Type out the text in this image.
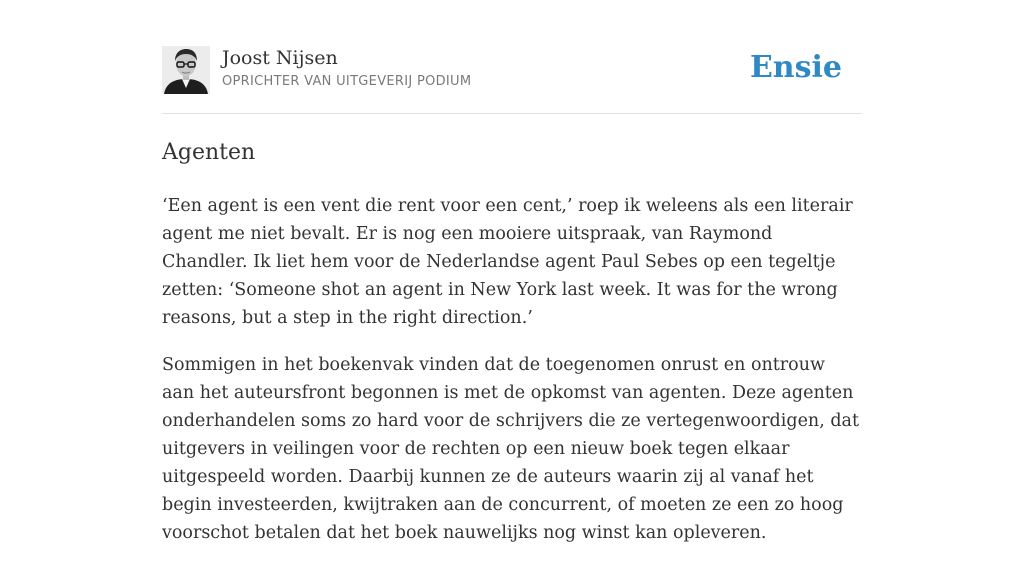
Joost Nijsen
OPRICHTER VAN UITGEVERIJ PODIUM	Ensie
Agenten

‘Een agent is een vent die rent voor een cent,’ roep ik weleens als een literair agent me niet bevalt. Er is nog een mooiere uitspraak, van Raymond Chandler. Ik liet hem voor de Nederlandse agent Paul Sebes op een tegeltje zetten: ‘Someone shot an agent in New York last week. It was for the wrong reasons, but a step in the right direction.’

Sommigen in het boekenvak vinden dat de toegenomen onrust en ontrouw aan het auteursfront begonnen is met de opkomst van agenten. Deze agenten onderhandelen soms zo hard voor de schrijvers die ze vertegenwoordigen, dat uitgevers in veilingen voor de rechten op een nieuw boek tegen elkaar uitgespeeld worden. Daarbij kunnen ze de auteurs waarin zij al vanaf het begin investeerden, kwijtraken aan de concurrent, of moeten ze een zo hoog voorschot betalen dat het boek nauwelijks nog winst kan opleveren.
